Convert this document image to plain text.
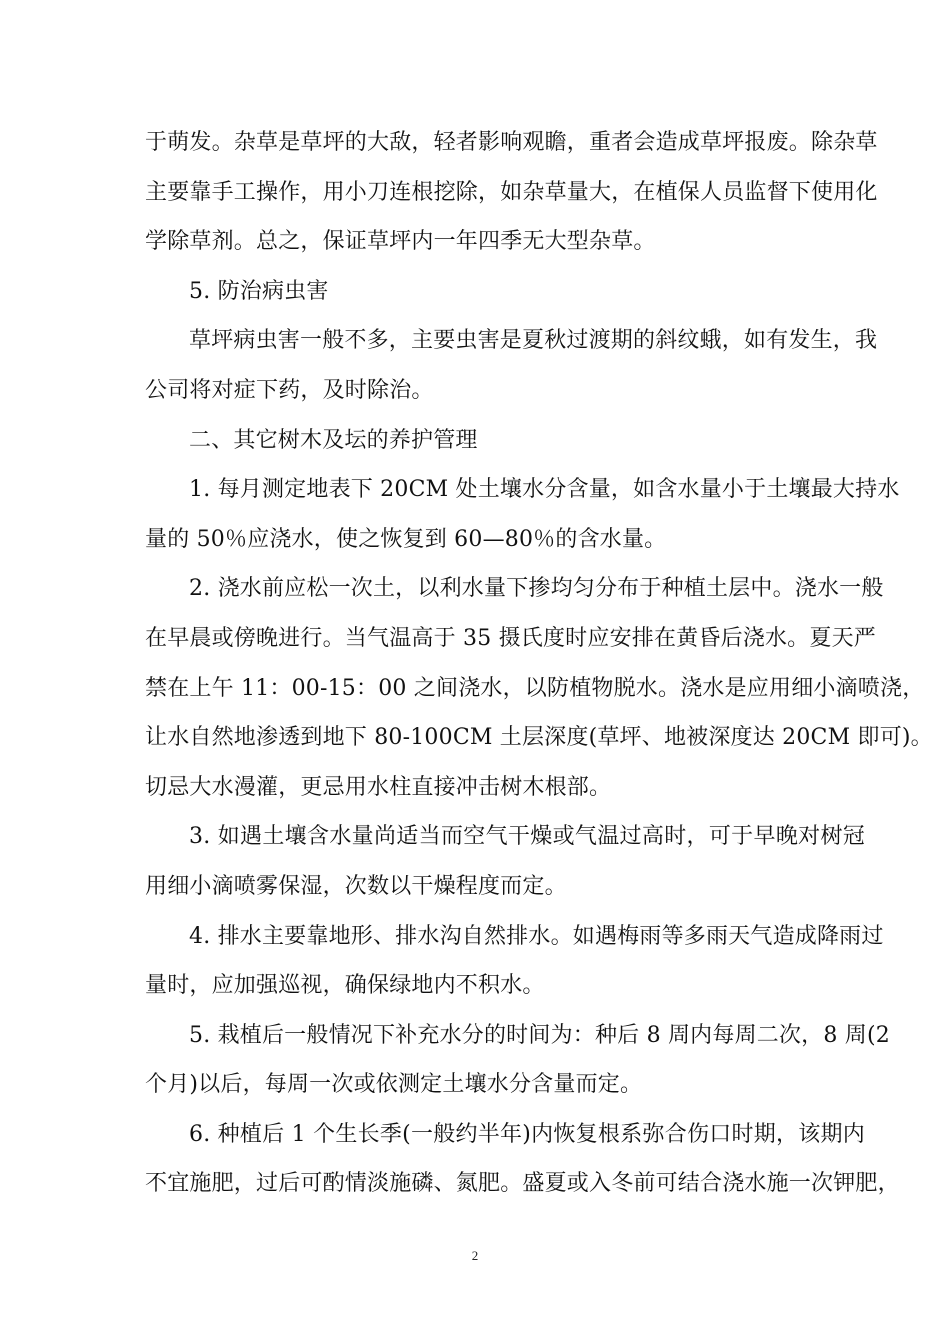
于萌发。杂草是草坪的大敌，轻者影响观瞻，重者会造成草坪报废。除杂草
主要靠手工操作，用小刀连根挖除，如杂草量大，在植保人员监督下使用化
学除草剂。总之，保证草坪内一年四季无大型杂草。
5. 防治病虫害
草坪病虫害一般不多，主要虫害是夏秋过渡期的斜纹蛾，如有发生，我
公司将对症下药，及时除治。
二、其它树木及坛的养护管理
1. 每月测定地表下 20CM 处土壤水分含量，如含水量小于土壤最大持水
量的 50％应浇水，使之恢复到 60—80％的含水量。
2. 浇水前应松一次土，以利水量下掺均匀分布于种植土层中。浇水一般
在早晨或傍晚进行。当气温高于 35 摄氏度时应安排在黄昏后浇水。夏天严
禁在上午 11：00-15：00 之间浇水，以防植物脱水。浇水是应用细小滴喷浇，
让水自然地渗透到地下 80-100CM 土层深度(草坪、地被深度达 20CM 即可)。
切忌大水漫灌，更忌用水柱直接冲击树木根部。
3. 如遇土壤含水量尚适当而空气干燥或气温过高时，可于早晚对树冠
用细小滴喷雾保湿，次数以干燥程度而定。
4. 排水主要靠地形、排水沟自然排水。如遇梅雨等多雨天气造成降雨过
量时，应加强巡视，确保绿地内不积水。
5. 栽植后一般情况下补充水分的时间为：种后 8 周内每周二次，8 周(2
个月)以后，每周一次或依测定土壤水分含量而定。
6. 种植后 1 个生长季(一般约半年)内恢复根系弥合伤口时期，该期内
不宜施肥，过后可酌情淡施磷、氮肥。盛夏或入冬前可结合浇水施一次钾肥，
2
